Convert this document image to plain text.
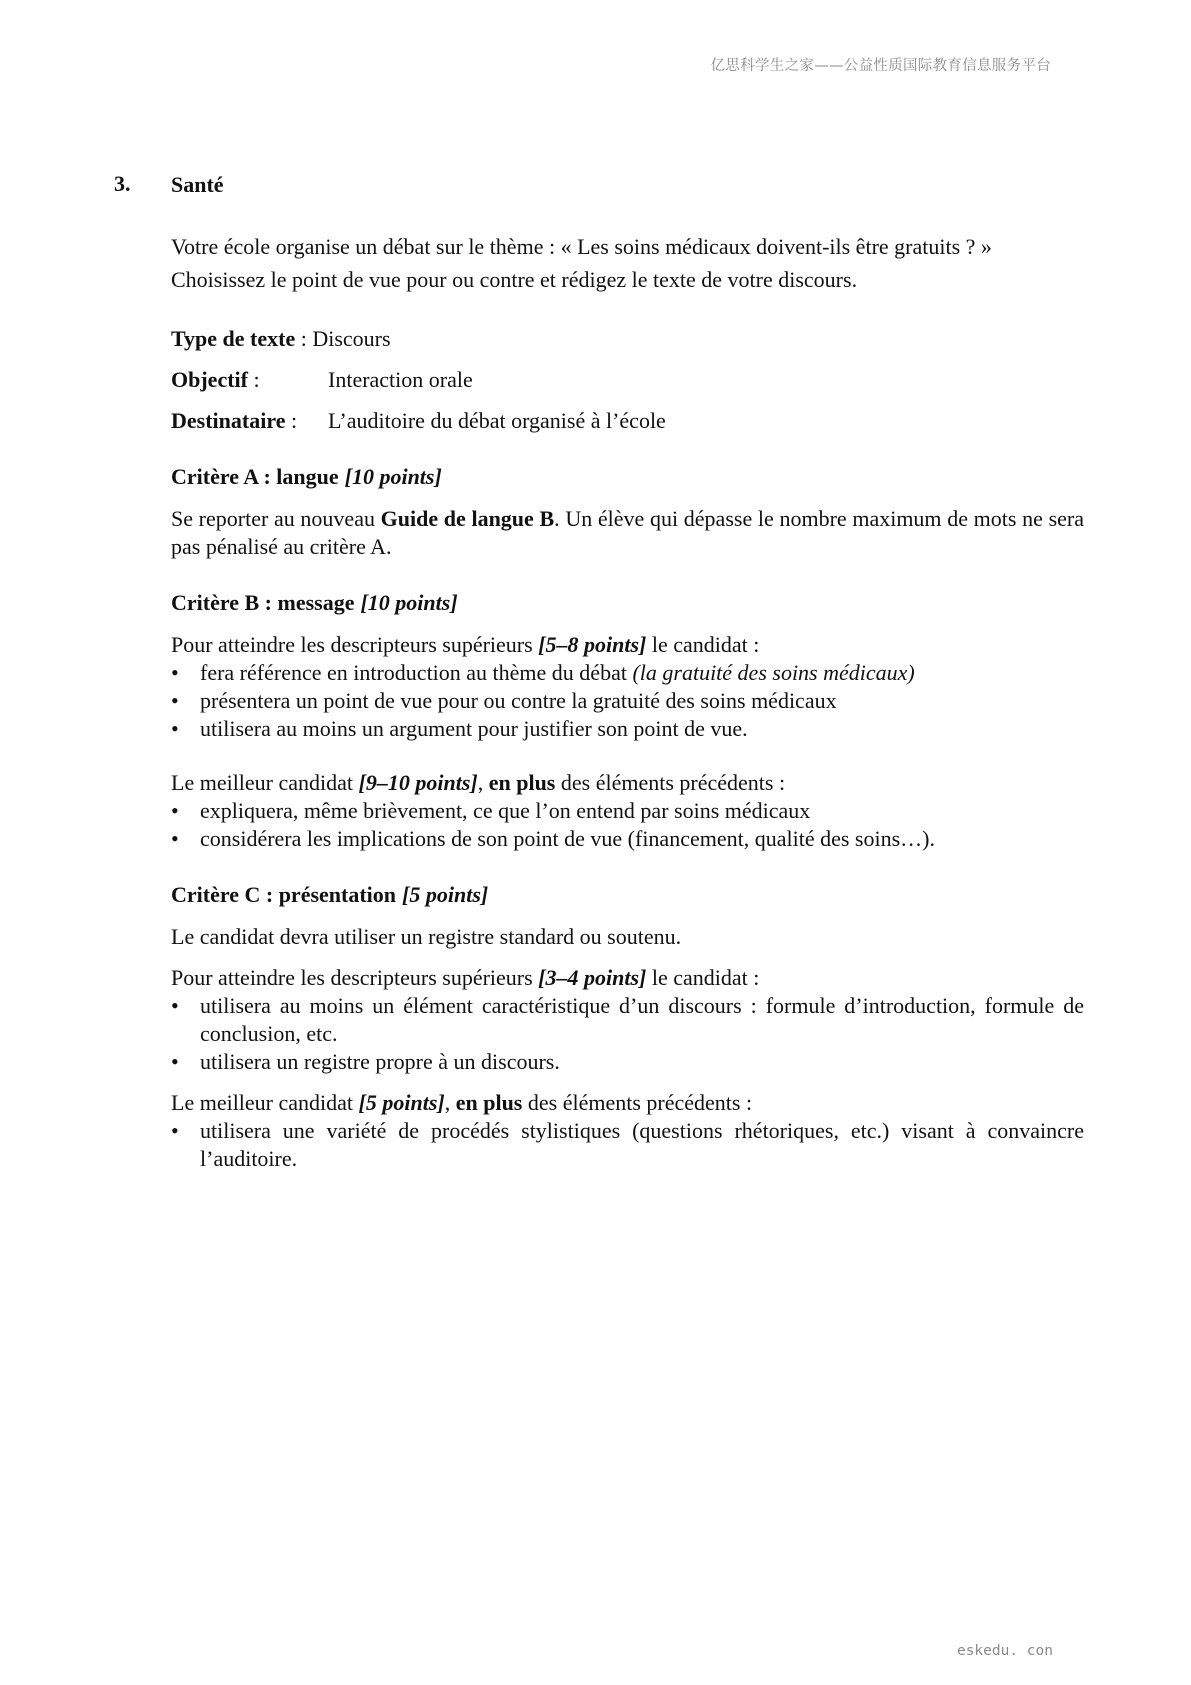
亿思科学生之家——公益性质国际教育信息服务平台
3. Santé

Votre école organise un débat sur le thème : « Les soins médicaux doivent-ils être gratuits ? »
Choisissez le point de vue pour ou contre et rédigez le texte de votre discours.

Type de texte : Discours

Objectif :	Interaction orale

Destinataire : L’auditoire du débat organisé à l’école

Critère A : langue [10 points]

Se reporter au nouveau Guide de langue B. Un élève qui dépasse le nombre maximum de mots ne sera pas pénalisé au critère A.

Critère B : message [10 points]

Pour atteindre les descripteurs supérieurs [5–8 points] le candidat :

• fera référence en introduction au thème du débat (la gratuité des soins médicaux)
• présentera un point de vue pour ou contre la gratuité des soins médicaux
• utilisera au moins un argument pour justifier son point de vue.

Le meilleur candidat [9–10 points], en plus des éléments précédents :

• expliquera, même brièvement, ce que l’on entend par soins médicaux
• considérera les implications de son point de vue (financement, qualité des soins…).

Critère C : présentation [5 points]

Le candidat devra utiliser un registre standard ou soutenu.

Pour atteindre les descripteurs supérieurs [3–4 points] le candidat :

• utilisera au moins un élément caractéristique d’un discours : formule d’introduction, formule de conclusion, etc.
• utilisera un registre propre à un discours.

Le meilleur candidat [5 points], en plus des éléments précédents :

• utilisera une variété de procédés stylistiques (questions rhétoriques, etc.) visant à convaincre l’auditoire.
eskedu. con
